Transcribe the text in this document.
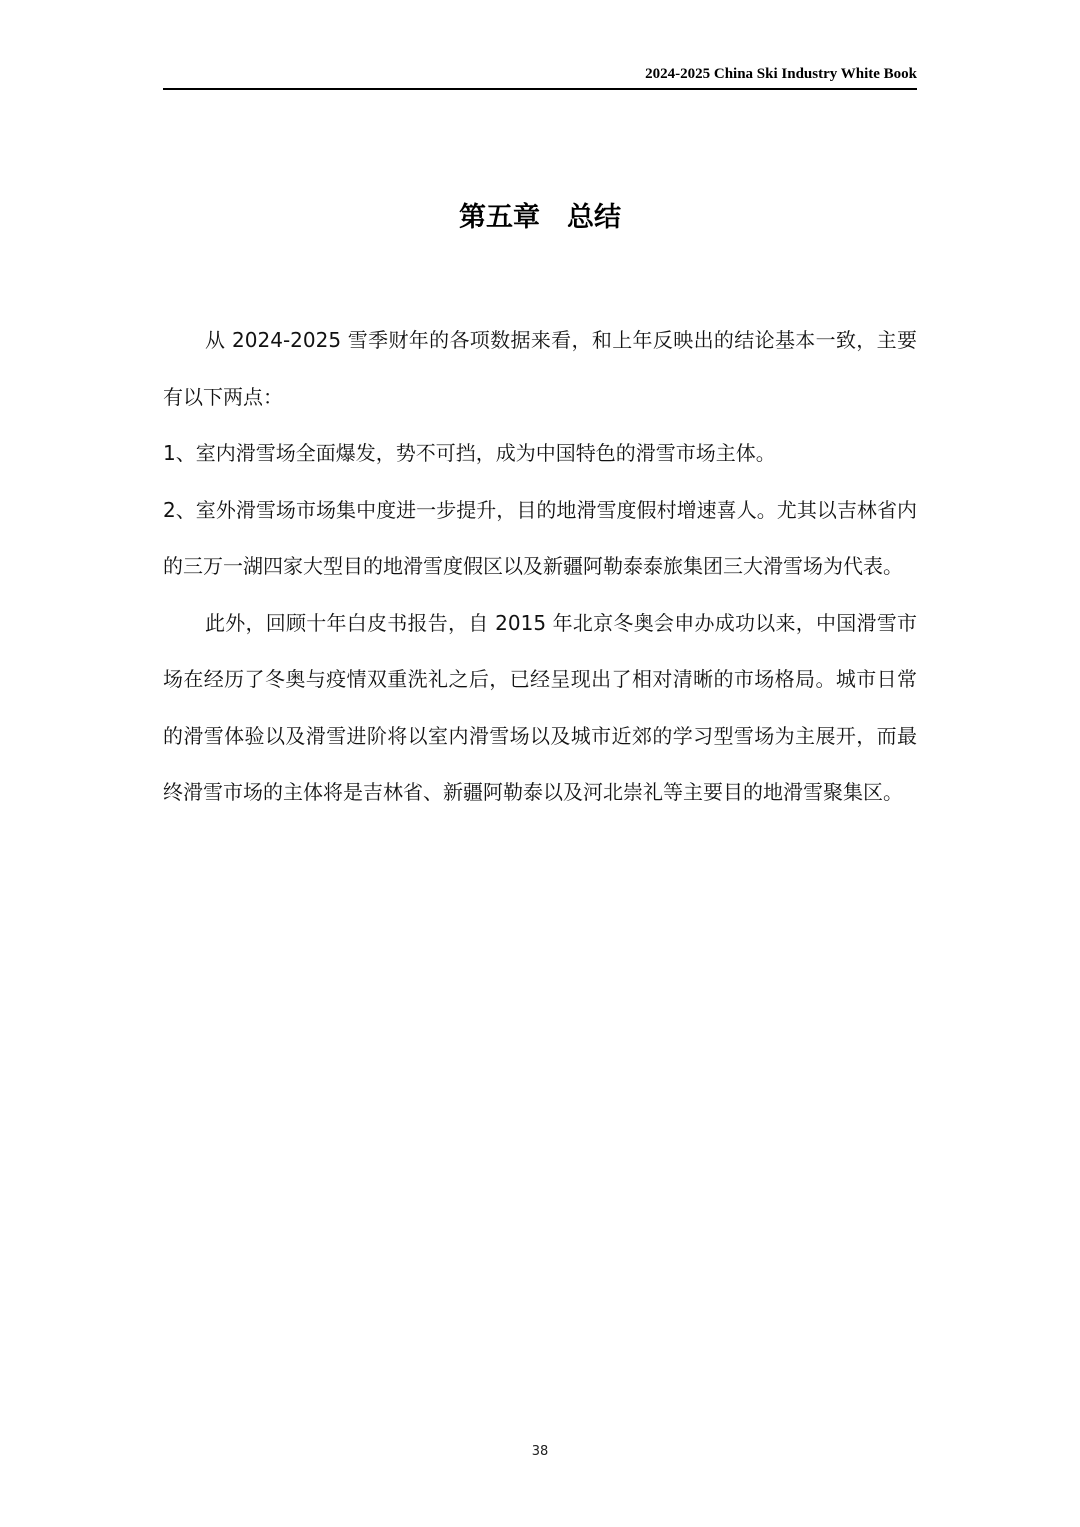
2024-2025 China Ski Industry White Book
第五章　总结

从 2024-2025 雪季财年的各项数据来看，和上年反映出的结论基本一致，主要有以下两点：

1、室内滑雪场全面爆发，势不可挡，成为中国特色的滑雪市场主体。

2、室外滑雪场市场集中度进一步提升，目的地滑雪度假村增速喜人。尤其以吉林省内的三万一湖四家大型目的地滑雪度假区以及新疆阿勒泰泰旅集团三大滑雪场为代表。

此外，回顾十年白皮书报告，自 2015 年北京冬奥会申办成功以来，中国滑雪市场在经历了冬奥与疫情双重洗礼之后，已经呈现出了相对清晰的市场格局。城市日常的滑雪体验以及滑雪进阶将以室内滑雪场以及城市近郊的学习型雪场为主展开，而最终滑雪市场的主体将是吉林省、新疆阿勒泰以及河北崇礼等主要目的地滑雪聚集区。

38
